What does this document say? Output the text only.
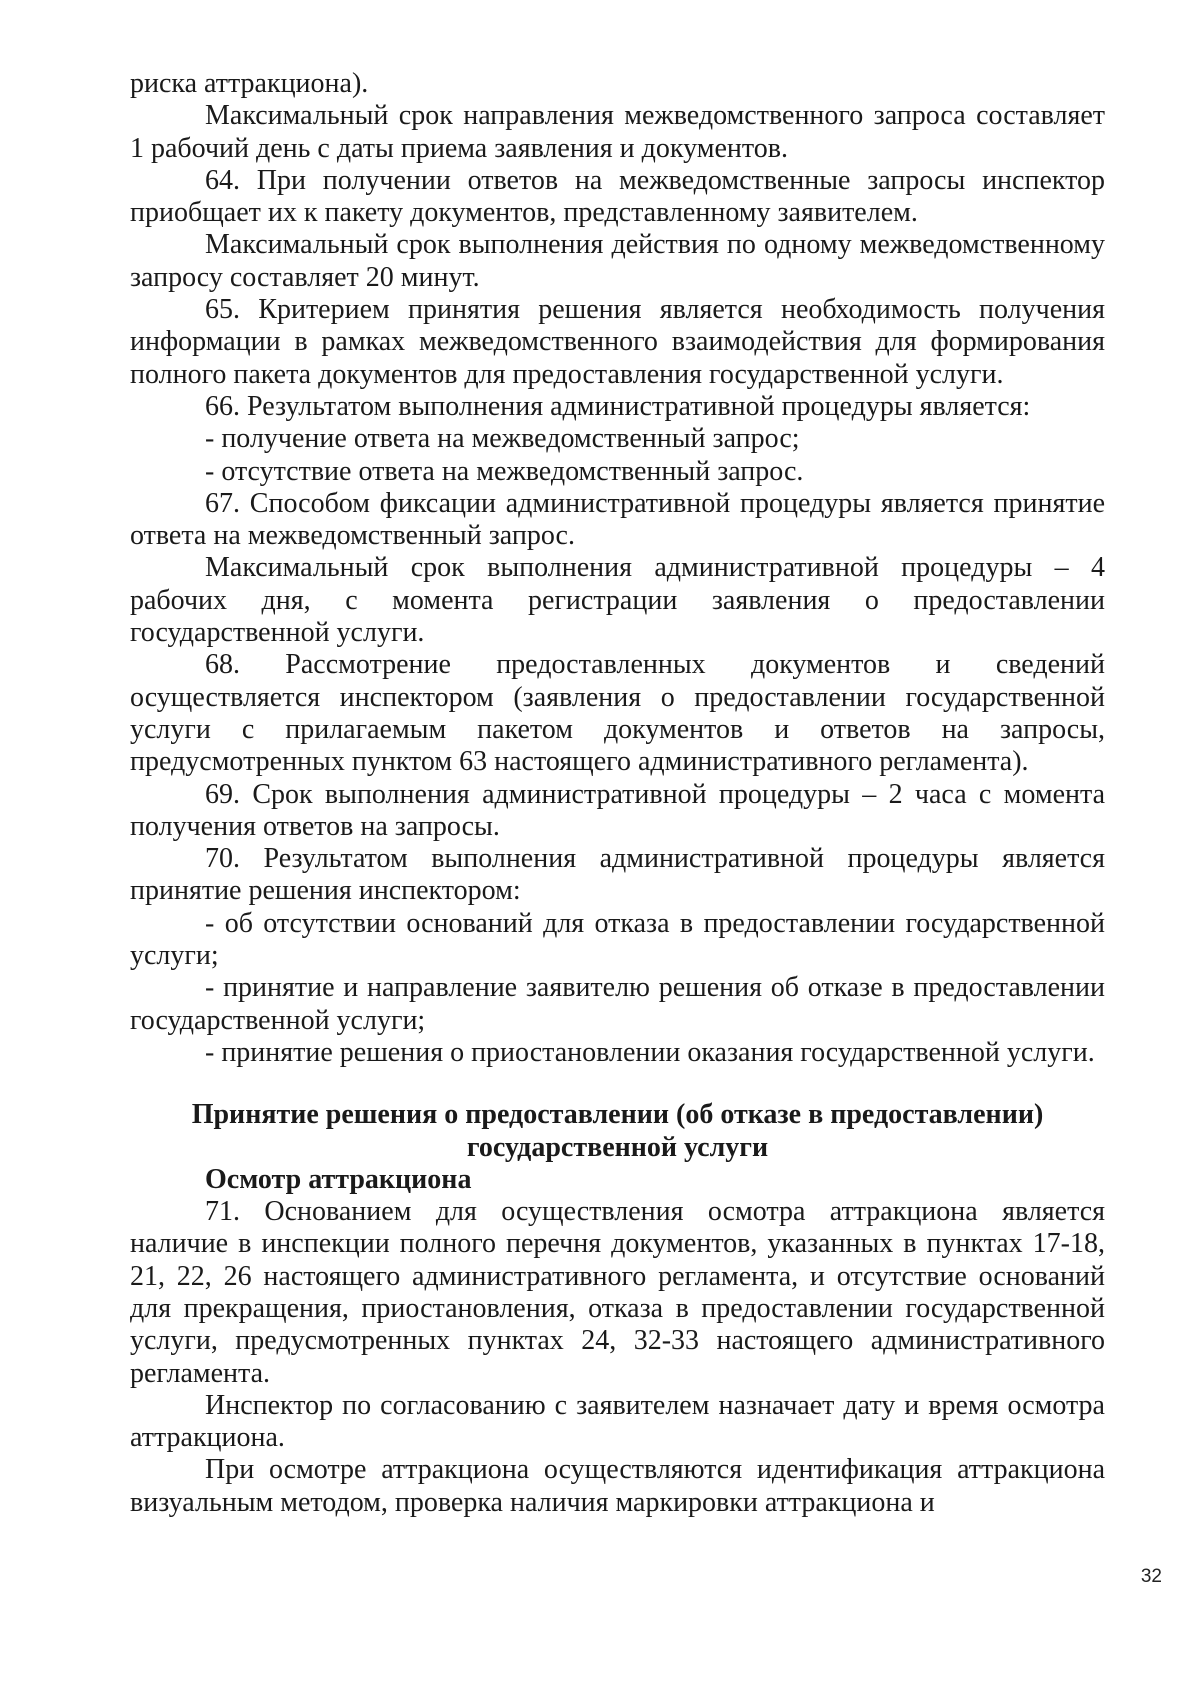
риска аттракциона).

Максимальный срок направления межведомственного запроса составляет 1 рабочий день с даты приема заявления и документов.

64. При получении ответов на межведомственные запросы инспектор приобщает их к пакету документов, представленному заявителем.

Максимальный срок выполнения действия по одному межведомственному запросу составляет 20 минут.

65. Критерием принятия решения является необходимость получения информации в рамках межведомственного взаимодействия для формирования полного пакета документов для предоставления государственной услуги.

66. Результатом выполнения административной процедуры является:

- получение ответа на межведомственный запрос;

- отсутствие ответа на межведомственный запрос.

67. Способом фиксации административной процедуры является принятие ответа на межведомственный запрос.

Максимальный срок выполнения административной процедуры – 4 рабочих дня, с момента регистрации заявления о предоставлении государственной услуги.

68. Рассмотрение предоставленных документов и сведений осуществляется инспектором (заявления о предоставлении государственной услуги с прилагаемым пакетом документов и ответов на запросы, предусмотренных пунктом 63 настоящего административного регламента).

69. Срок выполнения административной процедуры – 2 часа с момента получения ответов на запросы.

70. Результатом выполнения административной процедуры является принятие решения инспектором:

- об отсутствии оснований для отказа в предоставлении государственной услуги;

- принятие и направление заявителю решения об отказе в предоставлении государственной услуги;

- принятие решения о приостановлении оказания государственной услуги.

Принятие решения о предоставлении (об отказе в предоставлении)
государственной услуги

Осмотр аттракциона

71. Основанием для осуществления осмотра аттракциона является наличие в инспекции полного перечня документов, указанных в пунктах 17-18, 21, 22, 26 настоящего административного регламента, и отсутствие оснований для прекращения, приостановления, отказа в предоставлении государственной услуги, предусмотренных пунктах 24, 32-33 настоящего административного регламента.

Инспектор по согласованию с заявителем назначает дату и время осмотра аттракциона.

При осмотре аттракциона осуществляются идентификация аттракциона визуальным методом, проверка наличия маркировки аттракциона и

32
